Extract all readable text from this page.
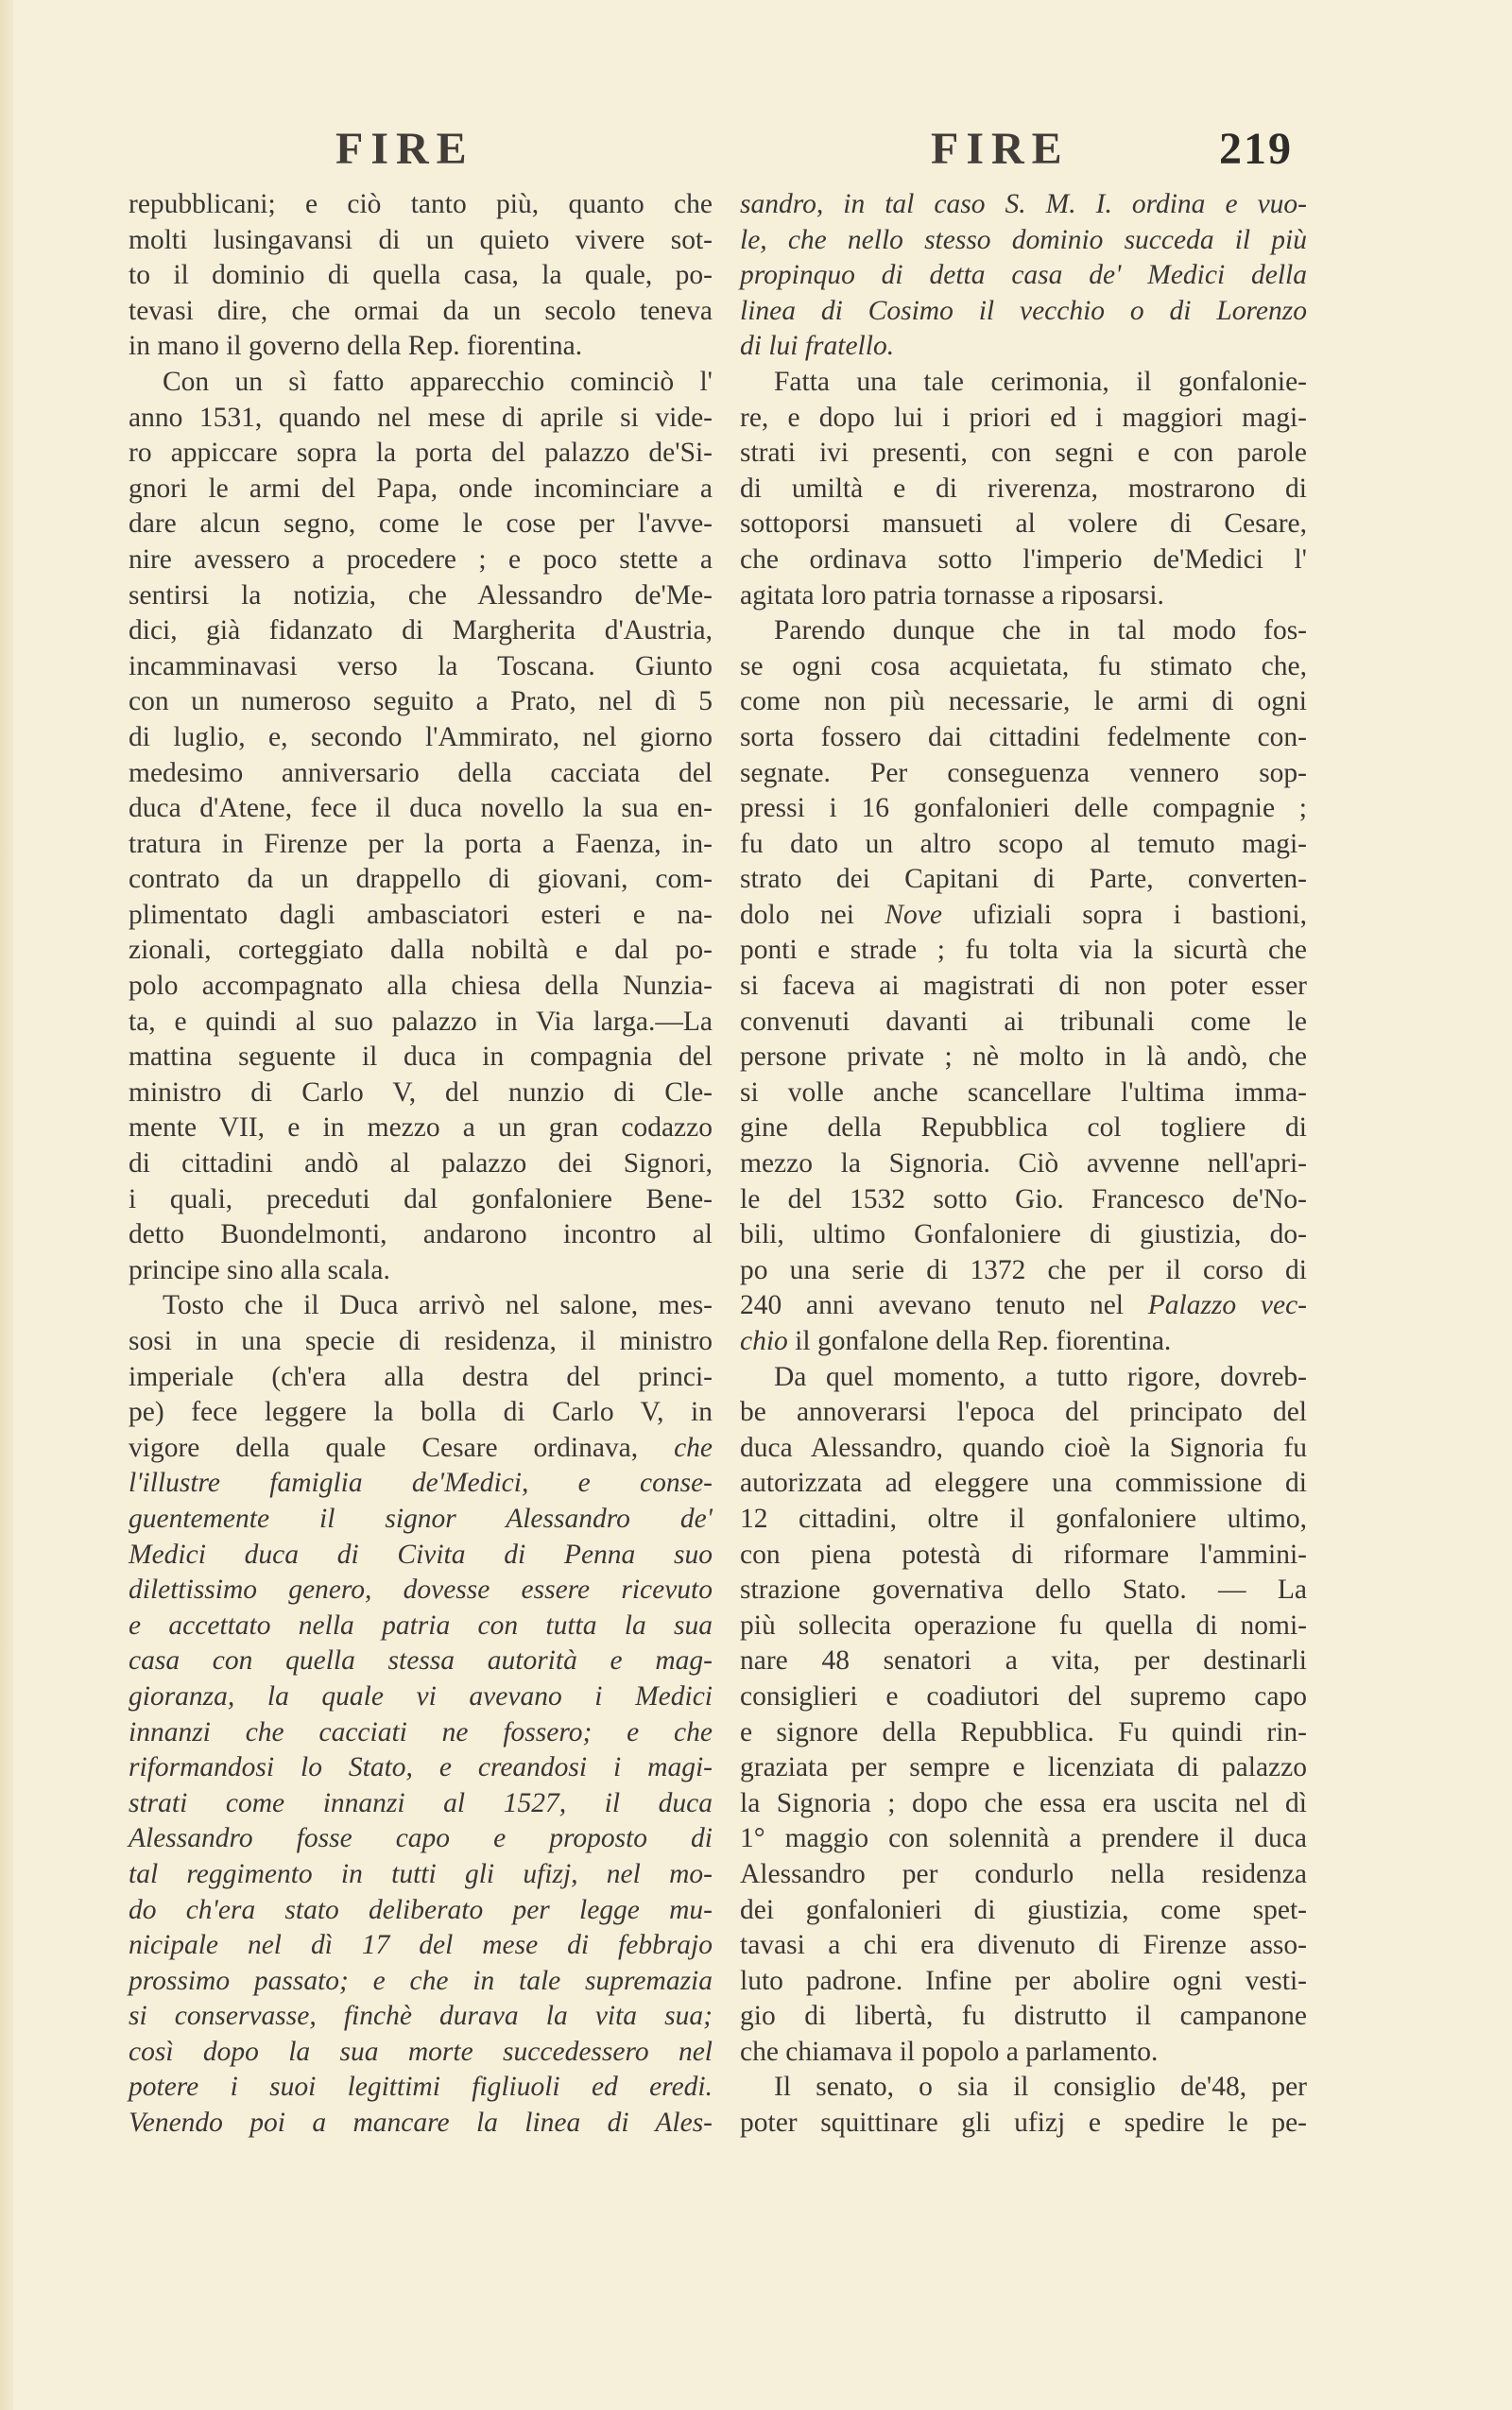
FIRE	FIRE	219
repubblicani; e ciò tanto più, quanto che
molti lusingavansi di un quieto vivere sot-
to il dominio di quella casa, la quale, po-
tevasi dire, che ormai da un secolo teneva
in mano il governo della Rep. fiorentina.
Con un sì fatto apparecchio cominciò l'
anno 1531, quando nel mese di aprile si vide-
ro appiccare sopra la porta del palazzo de'Si-
gnori le armi del Papa, onde incominciare a
dare alcun segno, come le cose per l'avve-
nire avessero a procedere ; e poco stette a
sentirsi la notizia, che Alessandro de'Me-
dici, già fidanzato di Margherita d'Austria,
incamminavasi verso la Toscana. Giunto
con un numeroso seguito a Prato, nel dì 5
di luglio, e, secondo l'Ammirato, nel giorno
medesimo anniversario della cacciata del
duca d'Atene, fece il duca novello la sua en-
tratura in Firenze per la porta a Faenza, in-
contrato da un drappello di giovani, com-
plimentato dagli ambasciatori esteri e na-
zionali, corteggiato dalla nobiltà e dal po-
polo accompagnato alla chiesa della Nunzia-
ta, e quindi al suo palazzo in Via larga.—La
mattina seguente il duca in compagnia del
ministro di Carlo V, del nunzio di Cle-
mente VII, e in mezzo a un gran codazzo
di cittadini andò al palazzo dei Signori,
i quali, preceduti dal gonfaloniere Bene-
detto Buondelmonti, andarono incontro al
principe sino alla scala.
Tosto che il Duca arrivò nel salone, mes-
sosi in una specie di residenza, il ministro
imperiale (ch'era alla destra del princi-
pe) fece leggere la bolla di Carlo V, in
vigore della quale Cesare ordinava, che
l'illustre famiglia de'Medici, e conse-
guentemente il signor Alessandro de'
Medici duca di Civita di Penna suo
dilettissimo genero, dovesse essere ricevuto
e accettato nella patria con tutta la sua
casa con quella stessa autorità e mag-
gioranza, la quale vi avevano i Medici
innanzi che cacciati ne fossero; e che
riformandosi lo Stato, e creandosi i magi-
strati come innanzi al 1527, il duca
Alessandro fosse capo e proposto di
tal reggimento in tutti gli ufizj, nel mo-
do ch'era stato deliberato per legge mu-
nicipale nel dì 17 del mese di febbrajo
prossimo passato; e che in tale supremazia
si conservasse, finchè durava la vita sua;
così dopo la sua morte succedessero nel
potere i suoi legittimi figliuoli ed eredi.
Venendo poi a mancare la linea di Ales-
sandro, in tal caso S. M. I. ordina e vuo-
le, che nello stesso dominio succeda il più
propinquo di detta casa de' Medici della
linea di Cosimo il vecchio o di Lorenzo
di lui fratello.
Fatta una tale cerimonia, il gonfalonie-
re, e dopo lui i priori ed i maggiori magi-
strati ivi presenti, con segni e con parole
di umiltà e di riverenza, mostrarono di
sottoporsi mansueti al volere di Cesare,
che ordinava sotto l'imperio de'Medici l'
agitata loro patria tornasse a riposarsi.
Parendo dunque che in tal modo fos-
se ogni cosa acquietata, fu stimato che,
come non più necessarie, le armi di ogni
sorta fossero dai cittadini fedelmente con-
segnate. Per conseguenza vennero sop-
pressi i 16 gonfalonieri delle compagnie ;
fu dato un altro scopo al temuto magi-
strato dei Capitani di Parte, converten-
dolo nei Nove ufiziali sopra i bastioni,
ponti e strade ; fu tolta via la sicurtà che
si faceva ai magistrati di non poter esser
convenuti davanti ai tribunali come le
persone private ; nè molto in là andò, che
si volle anche scancellare l'ultima imma-
gine della Repubblica col togliere di
mezzo la Signoria. Ciò avvenne nell'apri-
le del 1532 sotto Gio. Francesco de'No-
bili, ultimo Gonfaloniere di giustizia, do-
po una serie di 1372 che per il corso di
240 anni avevano tenuto nel Palazzo vec-
chio il gonfalone della Rep. fiorentina.
Da quel momento, a tutto rigore, dovreb-
be annoverarsi l'epoca del principato del
duca Alessandro, quando cioè la Signoria fu
autorizzata ad eleggere una commissione di
12 cittadini, oltre il gonfaloniere ultimo,
con piena potestà di riformare l'ammini-
strazione governativa dello Stato. — La
più sollecita operazione fu quella di nomi-
nare 48 senatori a vita, per destinarli
consiglieri e coadiutori del supremo capo
e signore della Repubblica. Fu quindi rin-
graziata per sempre e licenziata di palazzo
la Signoria ; dopo che essa era uscita nel dì
1° maggio con solennità a prendere il duca
Alessandro per condurlo nella residenza
dei gonfalonieri di giustizia, come spet-
tavasi a chi era divenuto di Firenze asso-
luto padrone. Infine per abolire ogni vesti-
gio di libertà, fu distrutto il campanone
che chiamava il popolo a parlamento.
Il senato, o sia il consiglio de'48, per
poter squittinare gli ufizj e spedire le pe-
